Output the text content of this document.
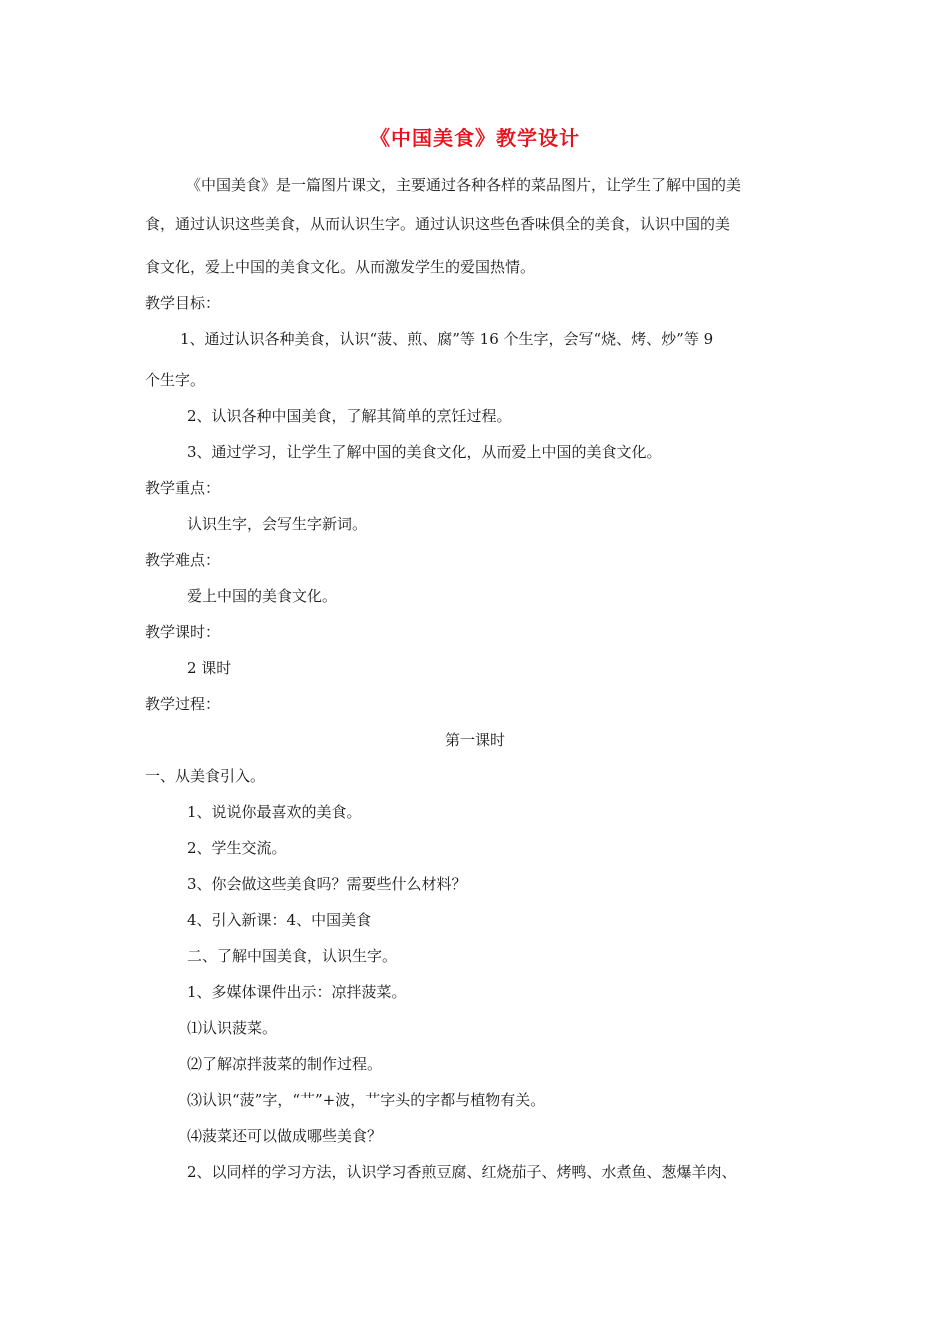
《中国美食》教学设计
《中国美食》是一篇图片课文，主要通过各种各样的菜品图片，让学生了解中国的美
食，通过认识这些美食，从而认识生字。通过认识这些色香味俱全的美食，认识中国的美
食文化，爱上中国的美食文化。从而激发学生的爱国热情。
教学目标：
1、通过认识各种美食，认识“菠、煎、腐”等 16 个生字，会写“烧、烤、炒”等 9
个生字。
2、认识各种中国美食，了解其简单的烹饪过程。
3、通过学习，让学生了解中国的美食文化，从而爱上中国的美食文化。
教学重点：
认识生字，会写生字新词。
教学难点：
爱上中国的美食文化。
教学课时：
2 课时
教学过程：
第一课时
一、从美食引入。
1、说说你最喜欢的美食。
2、学生交流。
3、你会做这些美食吗？需要些什么材料？
4、引入新课：4、中国美食
二、了解中国美食，认识生字。
1、多媒体课件出示：凉拌菠菜。
⑴认识菠菜。
⑵了解凉拌菠菜的制作过程。
⑶认识“菠”字，“艹”+波，艹字头的字都与植物有关。
⑷菠菜还可以做成哪些美食？
2、以同样的学习方法，认识学习香煎豆腐、红烧茄子、烤鸭、水煮鱼、葱爆羊肉、
